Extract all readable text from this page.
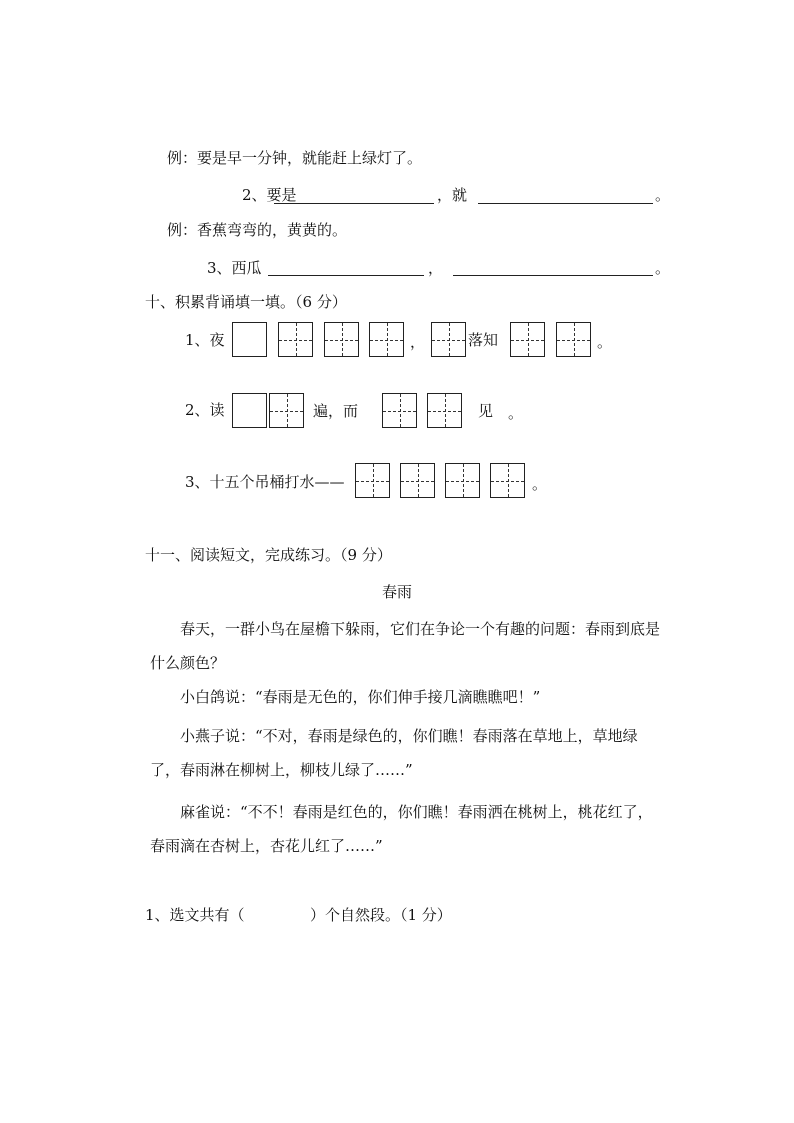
例：要是早一分钟，就能赶上绿灯了。
2、要是	，就	。
例：香蕉弯弯的，黄黄的。
3、西瓜	，	。
十、积累背诵填一填。（6 分）
1、夜	，	落知	。
2、读	遍，而	见 。
3、十五个吊桶打水——	。
十一、阅读短文，完成练习。（9 分）
春雨
春天，一群小鸟在屋檐下躲雨，它们在争论一个有趣的问题：春雨到底是什么颜色？
小白鸽说：“春雨是无色的，你们伸手接几滴瞧瞧吧！”
小燕子说：“不对，春雨是绿色的，你们瞧！春雨落在草地上，草地绿了，春雨淋在柳树上，柳枝儿绿了……”
麻雀说：“不不！春雨是红色的，你们瞧！春雨洒在桃树上，桃花红了，春雨滴在杏树上，杏花儿红了……”
1、选文共有（	）个自然段。（1 分）
